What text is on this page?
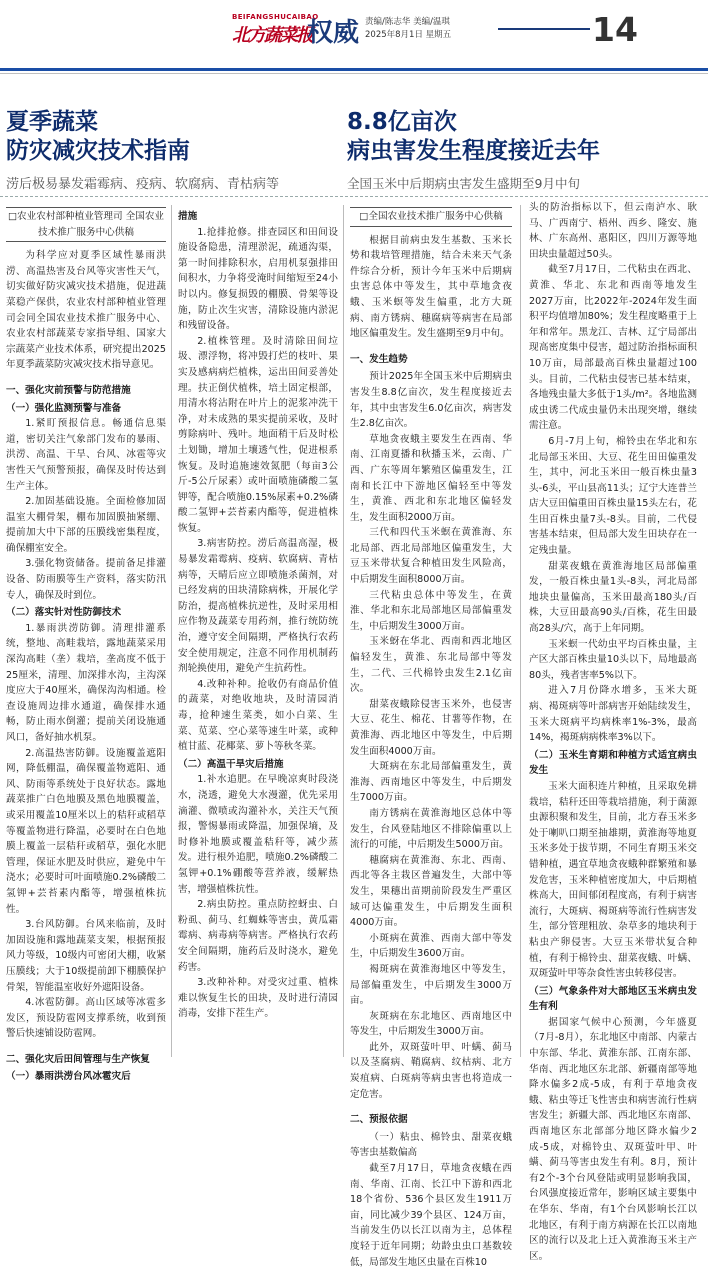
BEIFANGSHUCAIBAO
北方蔬菜报
权威 责编/陈志华 美编/温琪
2025年8月1日 星期五	14
夏季蔬菜
防灾减灾技术指南
涝后极易暴发霜霉病、疫病、软腐病、青枯病等
8.8亿亩次
病虫害发生程度接近去年
全国玉米中后期病虫害发生盛期至9月中旬
□农业农村部种植业管理司 全国农业技术推广服务中心供稿

为科学应对夏季区域性暴雨洪涝、高温热害及台风等灾害性天气，切实做好防灾减灾技术措施，促进蔬菜稳产保供，农业农村部种植业管理司会同全国农业技术推广服务中心、农业农村部蔬菜专家指导组、国家大宗蔬菜产业技术体系，研究提出2025年夏季蔬菜防灾减灾技术指导意见。

一、强化灾前预警与防范措施
（一）强化监测预警与准备

1.紧盯预报信息。畅通信息渠道，密切关注气象部门发布的暴雨、洪涝、高温、干旱、台风、冰雹等灾害性天气预警预报，确保及时传达到生产主体。

2.加固基础设施。全面检修加固温室大棚骨架，棚布加固膜抽紧绷、提前加大中下部的压膜线密集程度，确保棚室安全。

3.强化物资储备。提前备足排灌设备、防雨膜等生产资料，落实防汛专人，确保及时到位。

（二）落实针对性防御技术

1.暴雨洪涝防御。清理排灌系统，整地、高畦栽培，露地蔬菜采用深沟高畦（垄）栽培，垄高度不低于25厘米，清理、加深排水沟，主沟深度应大于40厘米，确保沟沟相通。检查设施周边排水通道，确保排水通畅，防止雨水倒灌；提前关闭设施通风口，备好抽水机泵。

2.高温热害防御。设施覆盖遮阳网，降低棚温，确保覆盖物遮阳、通风、防雨等系统处于良好状态。露地蔬菜推广白色地膜及黑色地膜覆盖，或采用覆盖10厘米以上的秸秆或稻草等覆盖物进行降温，必要时在白色地膜上覆盖一层秸秆或稻草，强化水肥管理，保证水肥及时供应，避免中午浇水；必要时可叶面喷施0.2%磷酸二氢钾+芸苔素内酯等，增强植株抗性。

3.台风防御。台风来临前，及时加固设施和露地蔬菜支架，根据预报风力等级，10级内可密闭大棚，收紧压膜线；大于10级提前卸下棚膜保护骨架，智能温室收好外遮阳设备。

4.冰雹防御。高山区域等冰雹多发区，预设防雹网支撑系统，收到预警后快速铺设防雹网。

二、强化灾后田间管理与生产恢复
（一）暴雨洪涝台风冰雹灾后
措施

1.抢排抢修。排查园区和田间设施设备隐患，清理淤泥，疏通沟渠，第一时间排除积水，启用机泵强排田间积水，力争将受淹时间缩短至24小时以内。修复损毁的棚膜、骨架等设施，防止次生灾害，清除设施内淤泥和残留设备。

2.植株管理。及时清除田间垃圾、漂浮物，将冲毁打烂的枝叶、果实及感病病烂植株，运出田间妥善处理。扶正倒伏植株，培土固定根部，用清水将沾附在叶片上的泥浆冲洗干净，对未成熟的果实提前采收，及时剪除病叶、残叶。地面稍干后及时松土划锄，增加土壤透气性，促进根系恢复。及时追施速效氮肥（每亩3公斤-5公斤尿素）或叶面喷施磷酸二氢钾等，配合喷施0.15%尿素+0.2%磷酸二氢钾+芸苔素内酯等，促进植株恢复。

3.病害防控。涝后高温高湿，极易暴发霜霉病、疫病、软腐病、青枯病等，天晴后应立即喷施杀菌剂，对已经发病的田块清除病株，开展化学防治，提高植株抗逆性，及时采用相应作物及蔬菜专用药剂，推行统防统治，遵守安全间隔期，严格执行农药安全使用规定，注意不同作用机制药剂轮换使用，避免产生抗药性。

4.改种补种。抢收仍有商品价值的蔬菜，对绝收地块，及时清园消毒，抢种速生菜类，如小白菜、生菜、苋菜、空心菜等速生叶菜，或种植甘蓝、花椰菜、萝卜等秋冬菜。

（二）高温干旱灾后措施

1.补水追肥。在早晚凉爽时段浇水，浇透，避免大水漫灌，优先采用滴灌、微喷或沟灌补水，关注天气预报，警惕暴雨或降温，加强保墒，及时修补地膜或覆盖秸秆等，减少蒸发。进行根外追肥，喷施0.2%磷酸二氢钾+0.1%硼酸等营养液，缓解热害，增强植株抗性。

2.病虫防控。重点防控蚜虫、白粉虱、蓟马、红蜘蛛等害虫，黄瓜霜霉病、病毒病等病害。严格执行农药安全间隔期，施药后及时浇水，避免药害。

3.改种补种。对受灾过重、植株难以恢复生长的田块，及时进行清园消毒，安排下茬生产。

□全国农业技术推广服务中心供稿

根据目前病虫发生基数、玉米长势和栽培管理措施，结合未来天气条件综合分析，预计今年玉米中后期病虫害总体中等发生，其中草地贪夜蛾、玉米螟等发生偏重，北方大斑病、南方锈病、穗腐病等病害在局部地区偏重发生。发生盛期至9月中旬。

一、发生趋势

预计2025年全国玉米中后期病虫害发生8.8亿亩次，发生程度接近去年，其中虫害发生6.0亿亩次，病害发生2.8亿亩次。

草地贪夜蛾主要发生在西南、华南、江南夏播和秋播玉米，云南、广西、广东等周年繁殖区偏重发生，江南和长江中下游地区偏轻至中等发生，黄淮、西北和东北地区偏轻发生，发生面积2000万亩。

三代和四代玉米螟在黄淮海、东北局部、西北局部地区偏重发生，大豆玉米带状复合种植田发生风险高，中后期发生面积8000万亩。

三代粘虫总体中等发生，在黄淮、华北和东北局部地区局部偏重发生，中后期发生3000万亩。

玉米蚜在华北、西南和西北地区偏轻发生，黄淮、东北局部中等发生，二代、三代棉铃虫发生2.1亿亩次。

甜菜夜蛾除侵害玉米外，也侵害大豆、花生、棉花、甘薯等作物，在黄淮海、西北地区中等发生，中后期发生面积4000万亩。

大斑病在东北局部偏重发生，黄淮海、西南地区中等发生，中后期发生7000万亩。

南方锈病在黄淮海地区总体中等发生，台风登陆地区不排除偏重以上流行的可能，中后期发生5000万亩。

穗腐病在黄淮海、东北、西南、西北等各主栽区普遍发生，大部中等发生，果穗出苗期前阶段发生严重区域可达偏重发生，中后期发生面积4000万亩。

小斑病在黄淮、西南大部中等发生，中后期发生3600万亩。

褐斑病在黄淮海地区中等发生，局部偏重发生，中后期发生3000万亩。

灰斑病在东北地区、西南地区中等发生，中后期发生3000万亩。

此外，双斑萤叶甲、叶螨、蓟马以及茎腐病、鞘腐病、纹枯病、北方炭疽病、白斑病等病虫害也将造成一定危害。

二、预报依据

（一）粘虫、棉铃虫、甜菜夜蛾等害虫基数偏高

截至7月17日，草地贪夜蛾在西南、华南、江南、长江中下游和西北18个省份、536个县区发生1911万亩，同比减少39个县区、124万亩，当前发生仍以长江以南为主，总体程度轻于近年同期；幼龄虫虫口基数较低，局部发生地区虫量在百株10

头的防治指标以下，但云南泸水、耿马、广西南宁、梧州、西乡、隆安、施林、广东高州、惠阳区，四川万源等地田块虫量超过50头。

截至7月17日，二代粘虫在西北、黄淮、华北、东北和西南等地发生2027万亩，比2022年-2024年发生面积平均值增加80%；发生程度略重于上年和常年。黑龙江、吉林、辽宁局部出现高密度集中侵害，超过防治指标面积10万亩，局部最高百株虫量超过100头。目前，二代粘虫侵害已基本结束，各地残虫量大多低于1头/m²。各地监测成虫诱二代成虫量仍未出现突增，继续需注意。

6月-7月上旬，棉铃虫在华北和东北局部玉米田、大豆、花生田田偏重发生，其中，河北玉米田一般百株虫量3头-6头，平山县高11头；辽宁大连普兰店大豆田偏重田百株虫量15头左右，花生田百株虫量7头-8头。目前，二代侵害基本结束，但局部大发生田块存在一定残虫量。

甜菜夜蛾在黄淮海地区局部偏重发，一般百株虫量1头-8头，河北局部地块虫量偏高，玉米田最高180头/百株，大豆田最高90头/百株，花生田最高28头/穴，高于上年同期。

玉米螟一代幼虫平均百株虫量，主产区大部百株虫量10头以下，局地最高80头，残者害率5%以下。

进入7月份降水增多，玉米大斑病、褐斑病等叶部病害开始陆续发生，玉米大斑病平均病株率1%-3%，最高14%，褐斑病病株率3%以下。

（二）玉米生育期和种植方式适宜病虫发生

玉米大面积连片种植，且采取免耕栽培，秸秆还田等栽培措施，利于菌源虫源积聚和发生，目前，北方春玉米多处于喇叭口期至抽雄期，黄淮海等地夏玉米多处于拔节期，不同生育期玉米交错种植，遇宜草地贪夜蛾种群繁殖和暴发危害，玉米种植密度加大，中后期植株高大，田间郁闭程度高，有利于病害流行，大斑病、褐斑病等流行性病害发生，部分管理粗放、杂草多的地块利于粘虫产卵侵害。大豆玉米带状复合种植，有利于棉铃虫、甜菜夜蛾、叶螨、双斑萤叶甲等杂食性害虫转移侵害。

（三）气象条件对大部地区玉米病虫发生有利

据国家气候中心预测，今年盛夏（7月-8月），东北地区中南部、内蒙古中东部、华北、黄淮东部、江南东部、华南、西北地区东北部、新疆南部等地降水偏多2成-5成，有利于草地贪夜蛾、粘虫等迁飞性害虫和病害流行性病害发生；新疆大部、西北地区东南部、西南地区东北部部分地区降水偏少2成-5成，对棉铃虫、双斑萤叶甲、叶螨、蓟马等害虫发生有利。8月，预计有2个-3个台风登陆或明显影响我国，台风强度接近常年，影响区域主要集中在华东、华南，有1个台风影响长江以北地区，有利于南方病源在长江以南地区的流行以及北上迁入黄淮海玉米主产区。
